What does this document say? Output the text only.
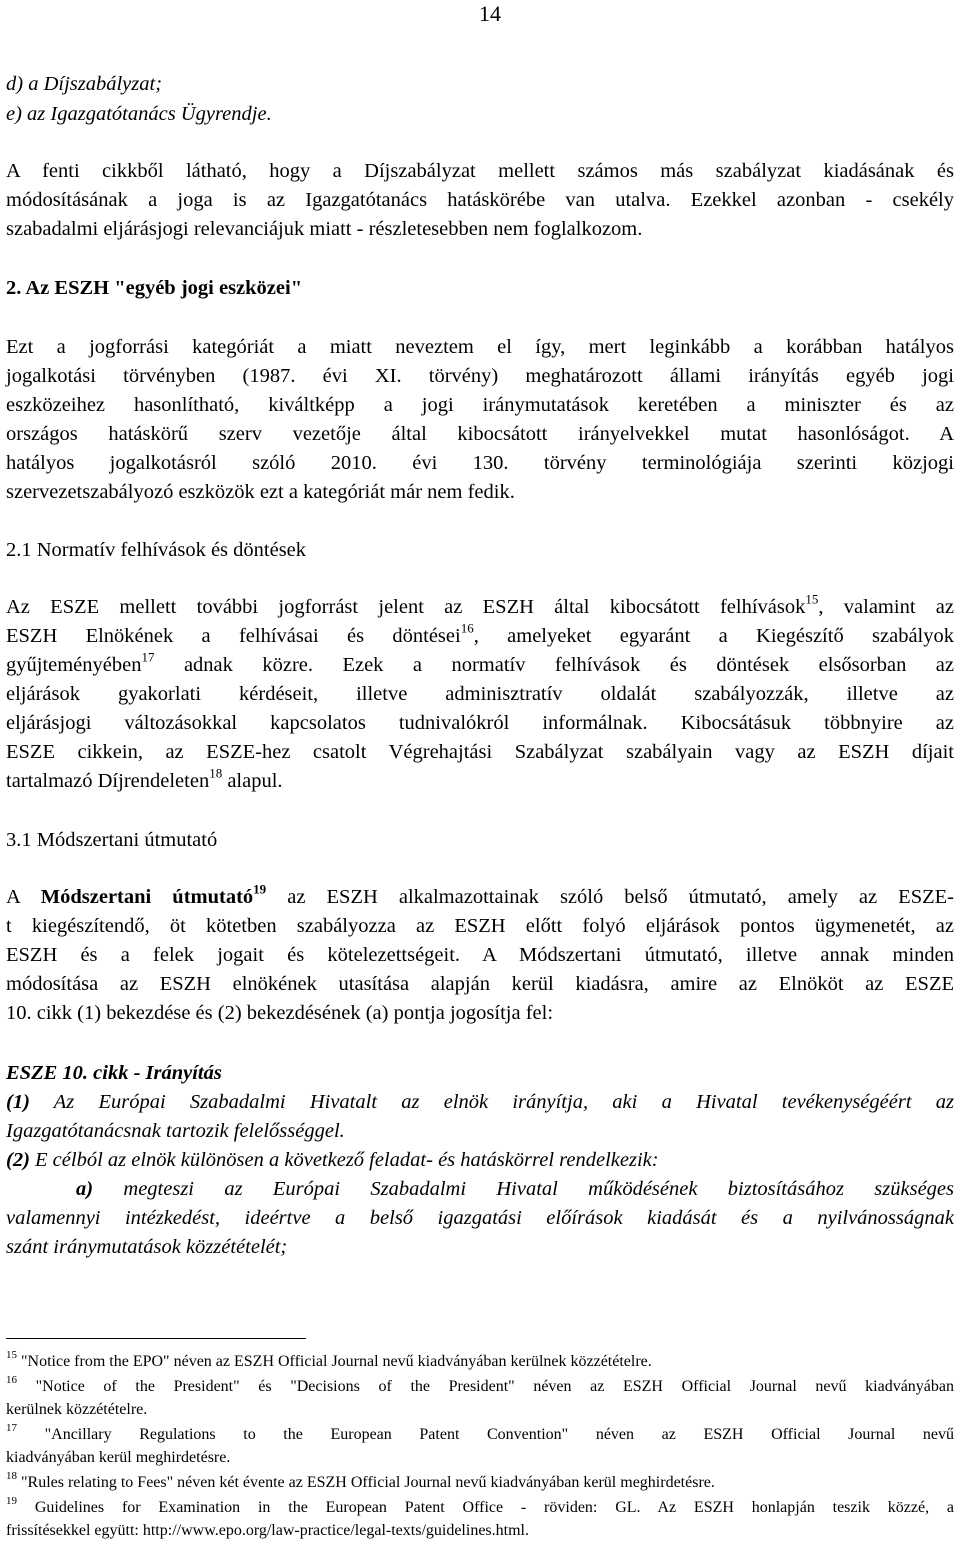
14

d) a Díjszabályzat;

e) az Igazgatótanács Ügyrendje.

A fenti cikkből látható, hogy a Díjszabályzat mellett számos más szabályzat kiadásának és

módosításának a joga is az Igazgatótanács hatáskörébe van utalva. Ezekkel azonban - csekély

szabadalmi eljárásjogi relevanciájuk miatt - részletesebben nem foglalkozom.

2. Az ESZH "egyéb jogi eszközei"

Ezt a jogforrási kategóriát a miatt neveztem el így, mert leginkább a korábban hatályos

jogalkotási törvényben (1987. évi XI. törvény) meghatározott állami irányítás egyéb jogi

eszközeihez hasonlítható, kiváltképp a jogi iránymutatások keretében a miniszter és az

országos hatáskörű szerv vezetője által kibocsátott irányelvekkel mutat hasonlóságot. A

hatályos jogalkotásról szóló 2010. évi 130. törvény terminológiája szerinti közjogi

szervezetszabályozó eszközök ezt a kategóriát már nem fedik.

2.1 Normatív felhívások és döntések

Az ESZE mellett további jogforrást jelent az ESZH által kibocsátott felhívások$^{15}$, valamint az

ESZH Elnökének a felhívásai és döntései$^{16}$, amelyeket egyaránt a Kiegészítő szabályok

gyűjteményében$^{17}$ adnak közre. Ezek a normatív felhívások és döntések elsősorban az

eljárások gyakorlati kérdéseit, illetve adminisztratív oldalát szabályozzák, illetve az

eljárásjogi változásokkal kapcsolatos tudnivalókról informálnak. Kibocsátásuk többnyire az

ESZE cikkein, az ESZE-hez csatolt Végrehajtási Szabályzat szabályain vagy az ESZH díjait

tartalmazó Díjrendeleten$^{18}$ alapul.

3.1 Módszertani útmutató

A Módszertani útmutató$^{19}$ az ESZH alkalmazottainak szóló belső útmutató, amely az ESZE-

t kiegészítendő, öt kötetben szabályozza az ESZH előtt folyó eljárások pontos ügymenetét, az

ESZH és a felek jogait és kötelezettségeit. A Módszertani útmutató, illetve annak minden

módosítása az ESZH elnökének utasítása alapján kerül kiadásra, amire az Elnököt az ESZE

10. cikk (1) bekezdése és (2) bekezdésének (a) pontja jogosítja fel:

ESZE 10. cikk - Irányítás

(1) Az Európai Szabadalmi Hivatalt az elnök irányítja, aki a Hivatal tevékenységéért az

Igazgatótanácsnak tartozik felelősséggel.

(2) E célból az elnök különösen a következő feladat- és hatáskörrel rendelkezik:

a) megteszi az Európai Szabadalmi Hivatal működésének biztosításához szükséges

valamennyi intézkedést, ideértve a belső igazgatási előírások kiadását és a nyilvánosságnak

szánt iránymutatások közzétételét;

$^{15}$ "Notice from the EPO" néven az ESZH Official Journal nevű kiadványában kerülnek közzétételre.

$^{16}$ "Notice of the President" és "Decisions of the President" néven az ESZH Official Journal nevű kiadványában

kerülnek közzétételre.

$^{17}$ "Ancillary Regulations to the European Patent Convention" néven az ESZH Official Journal nevű

kiadványában kerül meghirdetésre.

$^{18}$ "Rules relating to Fees" néven két évente az ESZH Official Journal nevű kiadványában kerül meghirdetésre.

$^{19}$ Guidelines for Examination in the European Patent Office - röviden: GL. Az ESZH honlapján teszik közzé, a

frissítésekkel együtt: http://www.epo.org/law-practice/legal-texts/guidelines.html.
